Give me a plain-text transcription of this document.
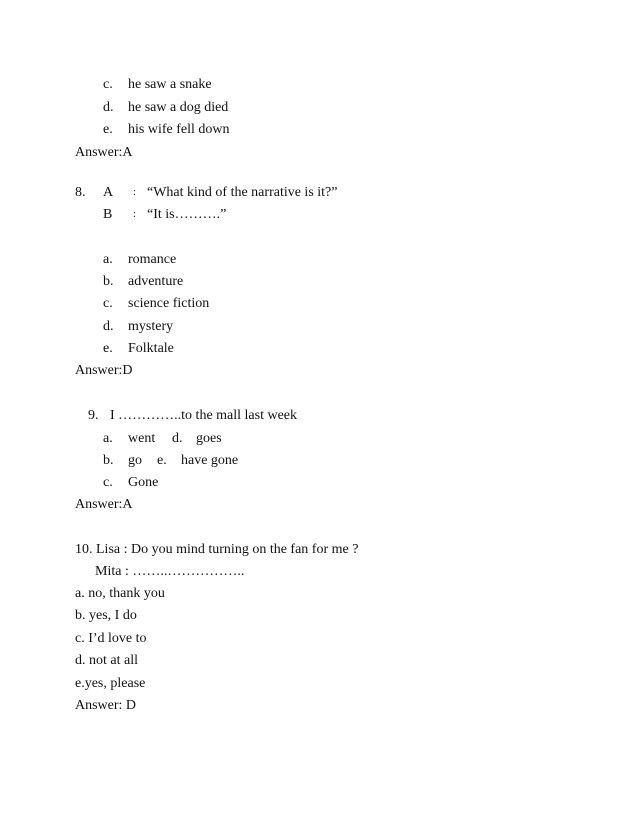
c. he saw a snake
d. he saw a dog died
e. his wife fell down
Answer:A
8. A : “What kind of the narrative is it?”
B : “It is……….”
a. romance
b. adventure
c. science fiction
d. mystery
e. Folktale
Answer:D
9. I …………..to the mall last week
a. went d. goes
b. go e. have gone
c. Gone
Answer:A
10. Lisa : Do you mind turning on the fan for me ?
Mita : ……..……………..
a. no, thank you
b. yes, I do
c. I’d love to
d. not at all
e.yes, please
Answer: D
